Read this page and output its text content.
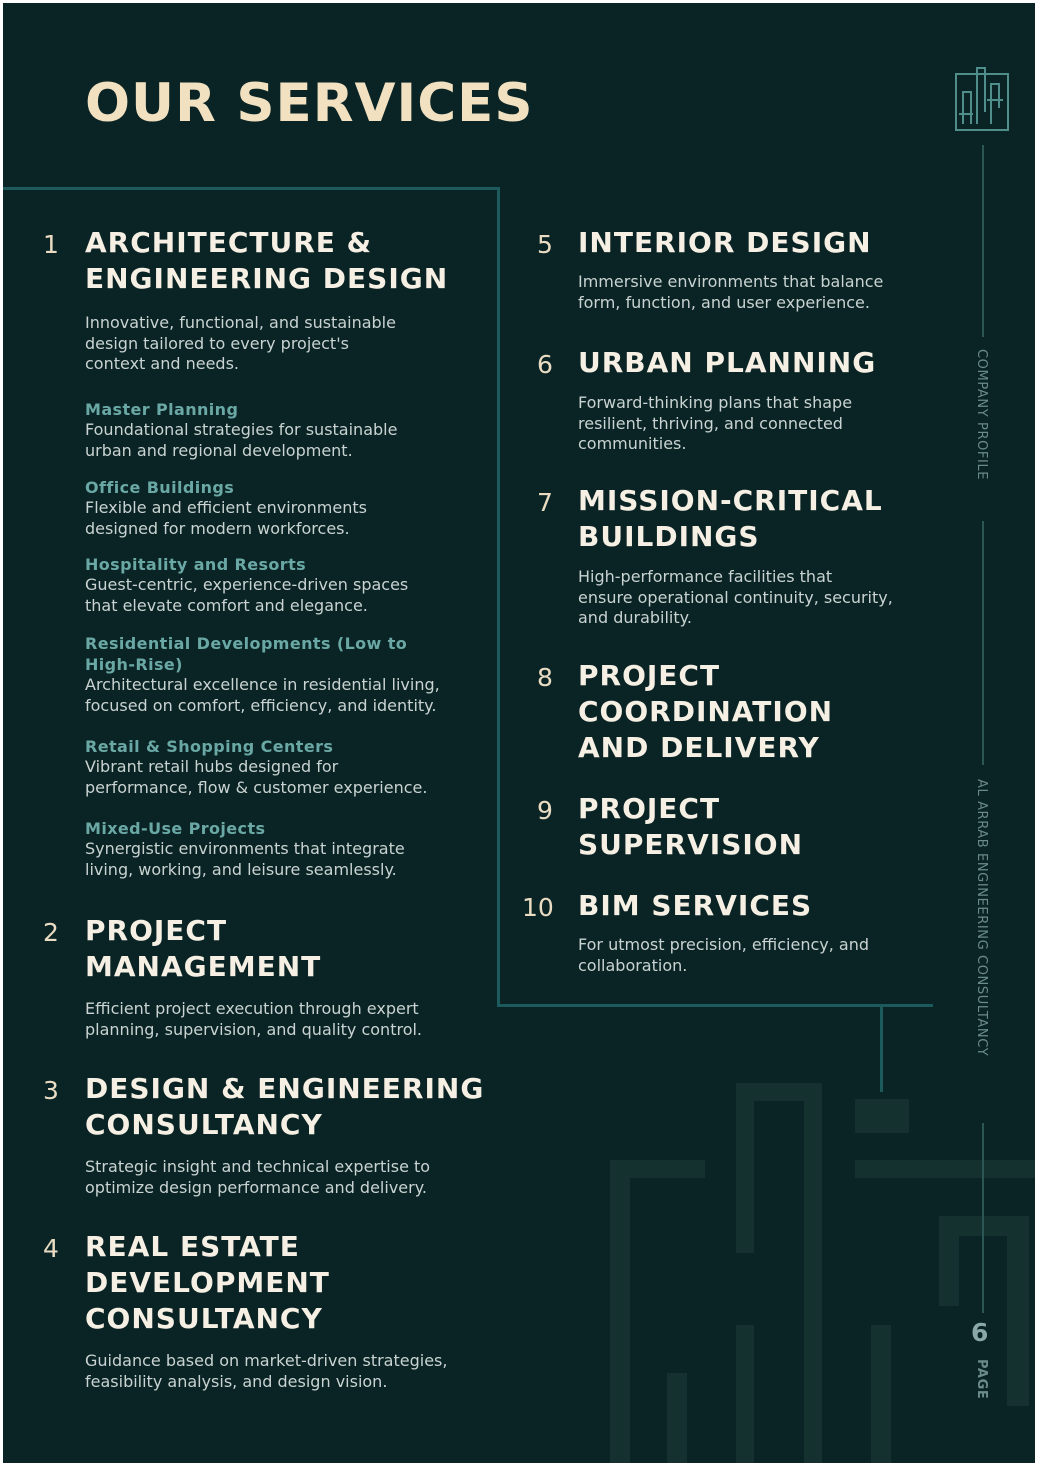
OUR SERVICES
1 ARCHITECTURE &
ENGINEERING DESIGN
Innovative, functional, and sustainable
design tailored to every project's
context and needs.
Master Planning
Foundational strategies for sustainable
urban and regional development.
Office Buildings
Flexible and efficient environments
designed for modern workforces.
Hospitality and Resorts
Guest-centric, experience-driven spaces
that elevate comfort and elegance.
Residential Developments (Low to
High-Rise)
Architectural excellence in residential living,
focused on comfort, efficiency, and identity.
Retail & Shopping Centers
Vibrant retail hubs designed for
performance, flow & customer experience.
Mixed-Use Projects
Synergistic environments that integrate
living, working, and leisure seamlessly.
2 PROJECT
MANAGEMENT
Efficient project execution through expert
planning, supervision, and quality control.
3 DESIGN & ENGINEERING
CONSULTANCY
Strategic insight and technical expertise to
optimize design performance and delivery.
4 REAL ESTATE
DEVELOPMENT
CONSULTANCY
Guidance based on market-driven strategies,
feasibility analysis, and design vision.
5 INTERIOR DESIGN
Immersive environments that balance
form, function, and user experience.
6 URBAN PLANNING
Forward-thinking plans that shape
resilient, thriving, and connected
communities.
7 MISSION-CRITICAL
BUILDINGS
High-performance facilities that
ensure operational continuity, security,
and durability.
8 PROJECT
COORDINATION
AND DELIVERY
9 PROJECT
SUPERVISION
10 BIM SERVICES
For utmost precision, efficiency, and
collaboration.
COMPANY PROFILE
AL ARRAB ENGINEERING CONSULTANCY
6
PAGE
